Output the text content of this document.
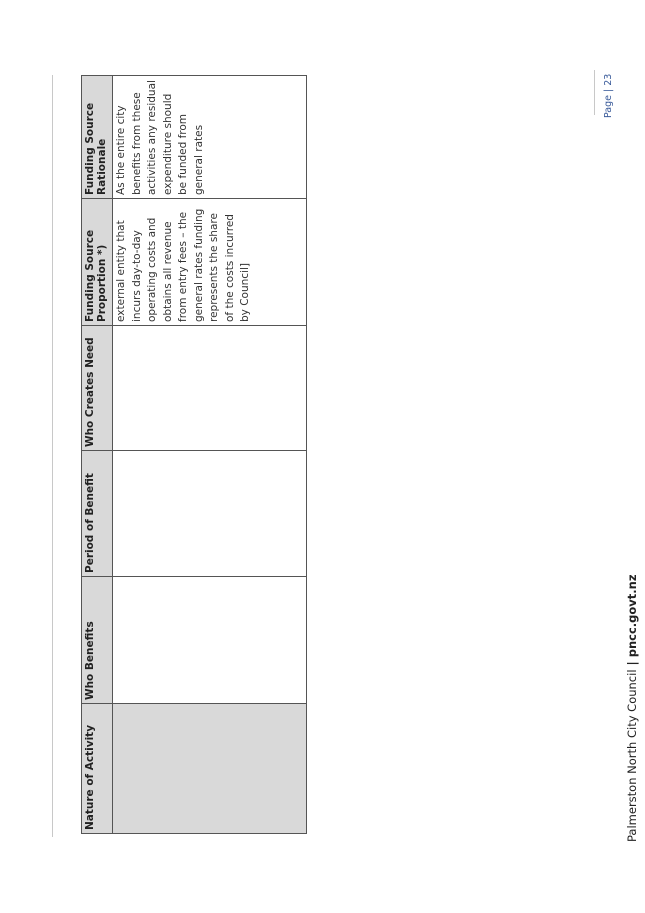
Nature of Activity	Who Benefits	Period of Benefit	Who Creates Need	Funding Source Proportion *)	Funding Source Rationale
				external entity that incurs day-to-day operating costs and obtains all revenue from entry fees – the general rates funding represents the share of the costs incurred by Council]	As the entire city benefits from these activities any residual expenditure should be funded from general rates
Palmerston North City Council|pncc.govt.nz
Page|23
